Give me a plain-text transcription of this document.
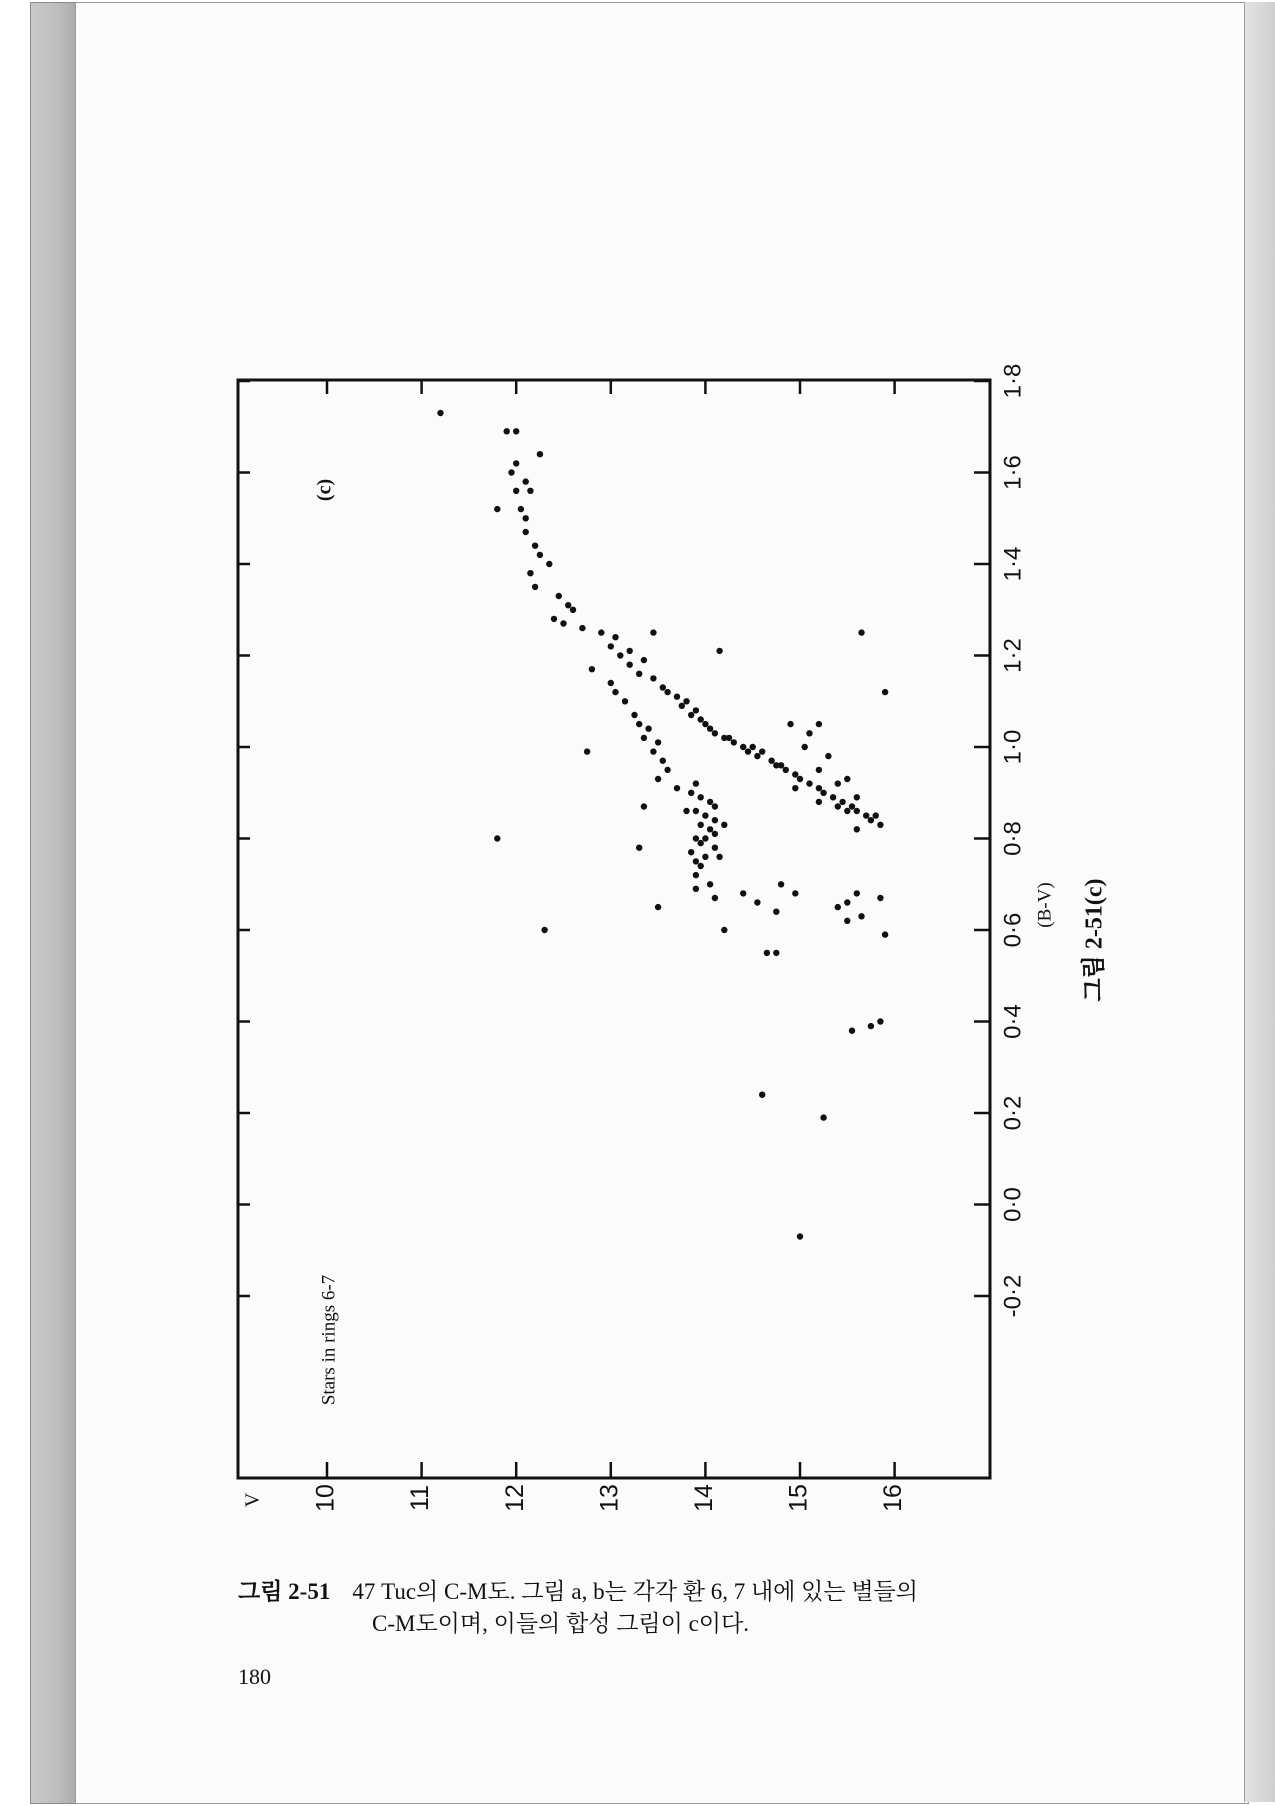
-0·2
0·0
0·2
0·4
0·6
0·8
1·0
1·2
1·4
1·6
1·8
10	11	12	13	14	15	16
V
(B-V)
(c)
Stars in rings 6-7
그림 2-51(c)
그림 2-51 47 Tuc의 C-M도. 그림 a, b는 각각 환 6, 7 내에 있는 별들의
C-M도이며, 이들의 합성 그림이 c이다.
180
